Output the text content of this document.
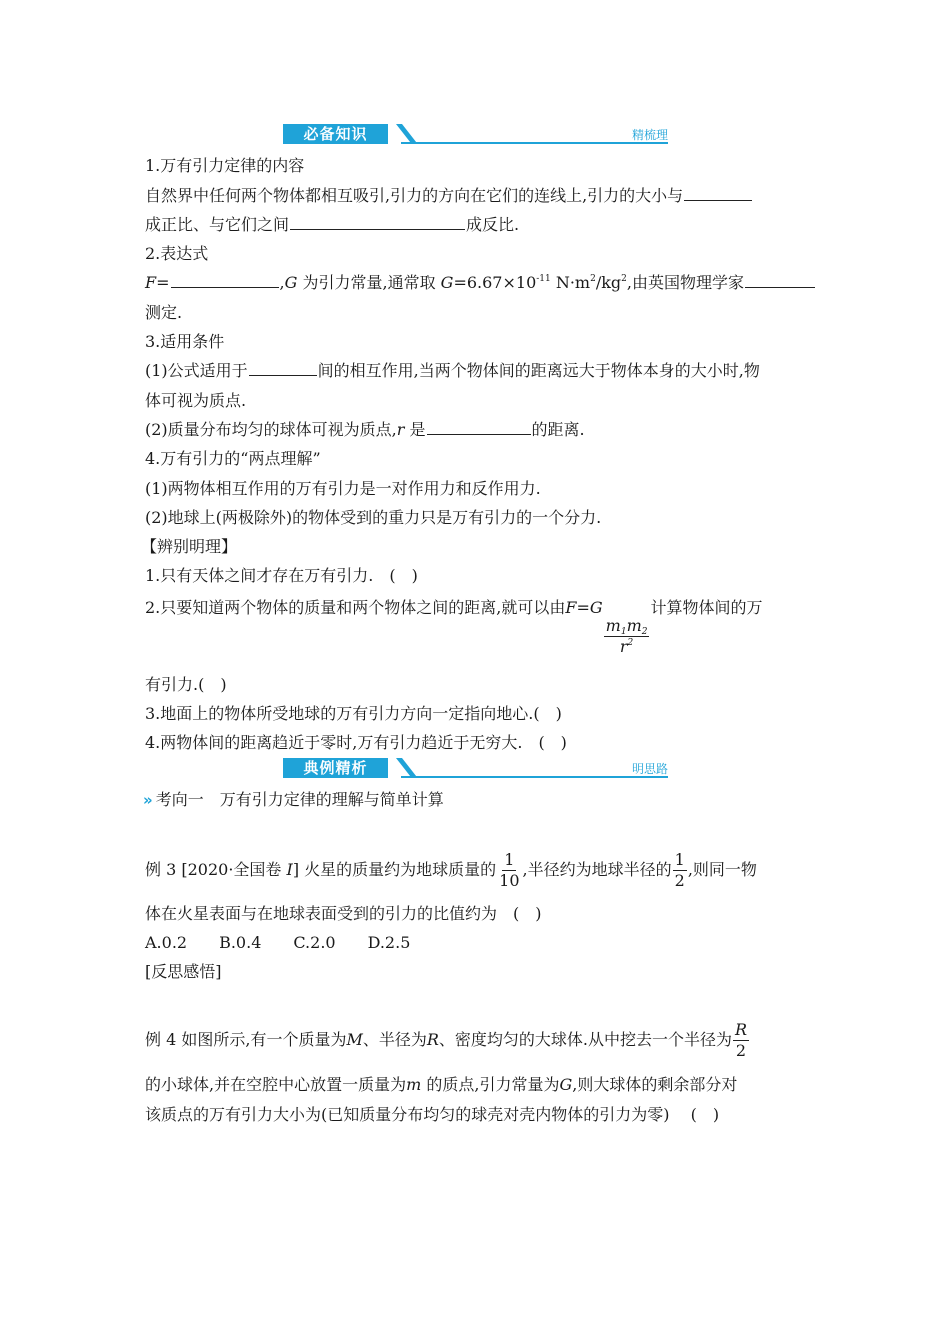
必备知识	精梳理
1.万有引力定律的内容
自然界中任何两个物体都相互吸引,引力的方向在它们的连线上,引力的大小与
成正比、与它们之间	成反比.
2.表达式
F=	,G 为引力常量,通常取 $G=6.67\times 10^{-11}$ $N\cdot m^2/kg^2$,由英国物理学家
测定.
3.适用条件
(1)公式适用于	间的相互作用,当两个物体间的距离远大于物体本身的大小时,物
体可视为质点.
(2)质量分布均匀的球体可视为质点,r 是	的距离.
4.万有引力的“两点理解”
(1)两物体相互作用的万有引力是一对作用力和反作用力.
(2)地球上(两极除外)的物体受到的重力只是万有引力的一个分力.
【辨别明理】
1.只有天体之间才存在万有引力.　(　)
2.只要知道两个物体的质量和两个物体之间的距离,就可以由F=G
$\frac{m_1m_2}{r^2}$
计算物体间的万
有引力.(　)
3.地面上的物体所受地球的万有引力方向一定指向地心.(　)
4.两物体间的距离趋近于零时,万有引力趋近于无穷大.　(　)
典例精析	明思路
» 考向一　万有引力定律的理解与简单计算
例 3 [2020·全国卷 Ⅰ] 火星的质量约为地球质量的 $\frac{1}{10}$ ,半径约为地球半径的 $\frac{1}{2}$ ,则同一物
体在火星表面与在地球表面受到的引力的比值约为　(　)
A.0.2　　B.0.4　　C.2.0　　D.2.5
[反思感悟]
例 4 如图所示,有一个质量为M、半径为R、密度均匀的大球体.从中挖去一个半径为 $\frac{R}{2}$
的小球体,并在空腔中心放置一质量为m 的质点,引力常量为G,则大球体的剩余部分对
该质点的万有引力大小为(已知质量分布均匀的球壳对壳内物体的引力为零)　 (　)
